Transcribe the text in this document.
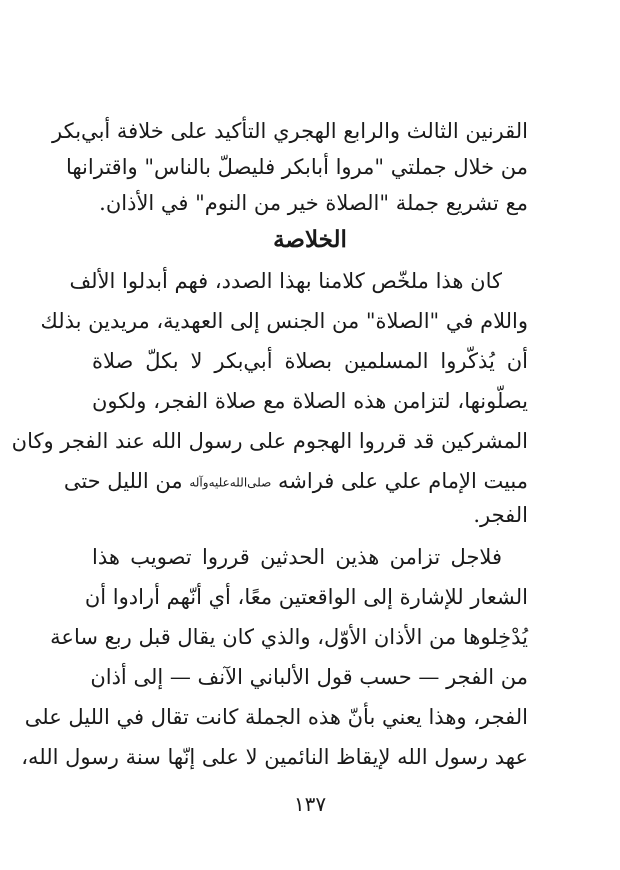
القرنين الثالث والرابع الهجري التأكيد على خلافة أبي‌بكر
من خلال جملتي "مروا أبابكر فليصلّ بالناس" واقترانها
مع تشريع جملة "الصلاة خير من النوم" في الأذان.
الخلاصة
كان هذا ملخّص كلامنا بهذا الصدد، فهم أبدلوا الألف
واللام في "الصلاة" من الجنس إلى العهدية، مريدين بذلك
أن يُذكّروا المسلمين بصلاة أبي‌بكر لا بكلّ صلاة
يصلّونها، لتزامن هذه الصلاة مع صلاة الفجر، ولكون
المشركين قد قرروا الهجوم على رسول الله عند الفجر وكان
مبيت الإمام علي على فراشه صلى‌الله‌عليه‌وآله من الليل حتى
الفجر.
فلاجل تزامن هذين الحدثين قرروا تصويب هذا
الشعار للإشارة إلى الواقعتين معًا، أي أنّهم أرادوا أن
يُدْخِلوها من الأذان الأوّل، والذي كان يقال قبل ربع ساعة
من الفجر — حسب قول الألباني الآنف — إلى أذان
الفجر، وهذا يعني بأنّ هذه الجملة كانت تقال في الليل على
عهد رسول الله لإيقاظ النائمين لا على إنّها سنة رسول الله،
١٣٧
